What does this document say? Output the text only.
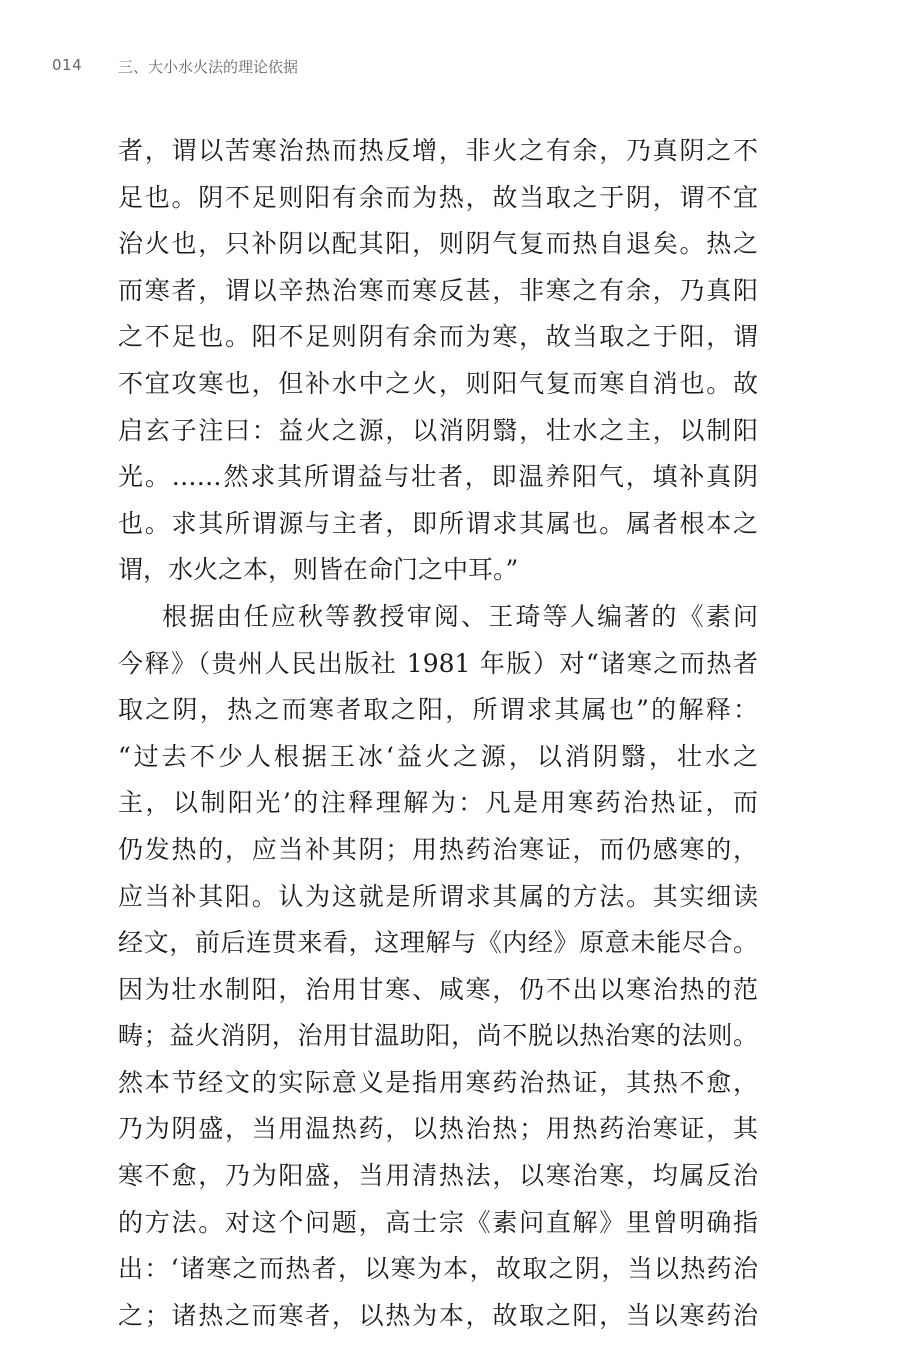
014 三、大小水火法的理论依据
者，谓以苦寒治热而热反增，非火之有余，乃真阴之不
足也。阴不足则阳有余而为热，故当取之于阴，谓不宜
治火也，只补阴以配其阳，则阴气复而热自退矣。热之
而寒者，谓以辛热治寒而寒反甚，非寒之有余，乃真阳
之不足也。阳不足则阴有余而为寒，故当取之于阳，谓
不宜攻寒也，但补水中之火，则阳气复而寒自消也。故
启玄子注曰：益火之源，以消阴翳，壮水之主，以制阳
光。……然求其所谓益与壮者，即温养阳气，填补真阴
也。求其所谓源与主者，即所谓求其属也。属者根本之
谓，水火之本，则皆在命门之中耳。”
根据由任应秋等教授审阅、王琦等人编著的《素问
今释》（贵州人民出版社 1981 年版）对“诸寒之而热者
取之阴，热之而寒者取之阳，所谓求其属也”的解释：
“过去不少人根据王冰‘益火之源，以消阴翳，壮水之
主，以制阳光’的注释理解为：凡是用寒药治热证，而
仍发热的，应当补其阴；用热药治寒证，而仍感寒的，
应当补其阳。认为这就是所谓求其属的方法。其实细读
经文，前后连贯来看，这理解与《内经》原意未能尽合。
因为壮水制阳，治用甘寒、咸寒，仍不出以寒治热的范
畴；益火消阴，治用甘温助阳，尚不脱以热治寒的法则。
然本节经文的实际意义是指用寒药治热证，其热不愈，
乃为阴盛，当用温热药，以热治热；用热药治寒证，其
寒不愈，乃为阳盛，当用清热法，以寒治寒，均属反治
的方法。对这个问题，高士宗《素问直解》里曾明确指
出：‘诸寒之而热者，以寒为本，故取之阴，当以热药治
之；诸热之而寒者，以热为本，故取之阳，当以寒药治
